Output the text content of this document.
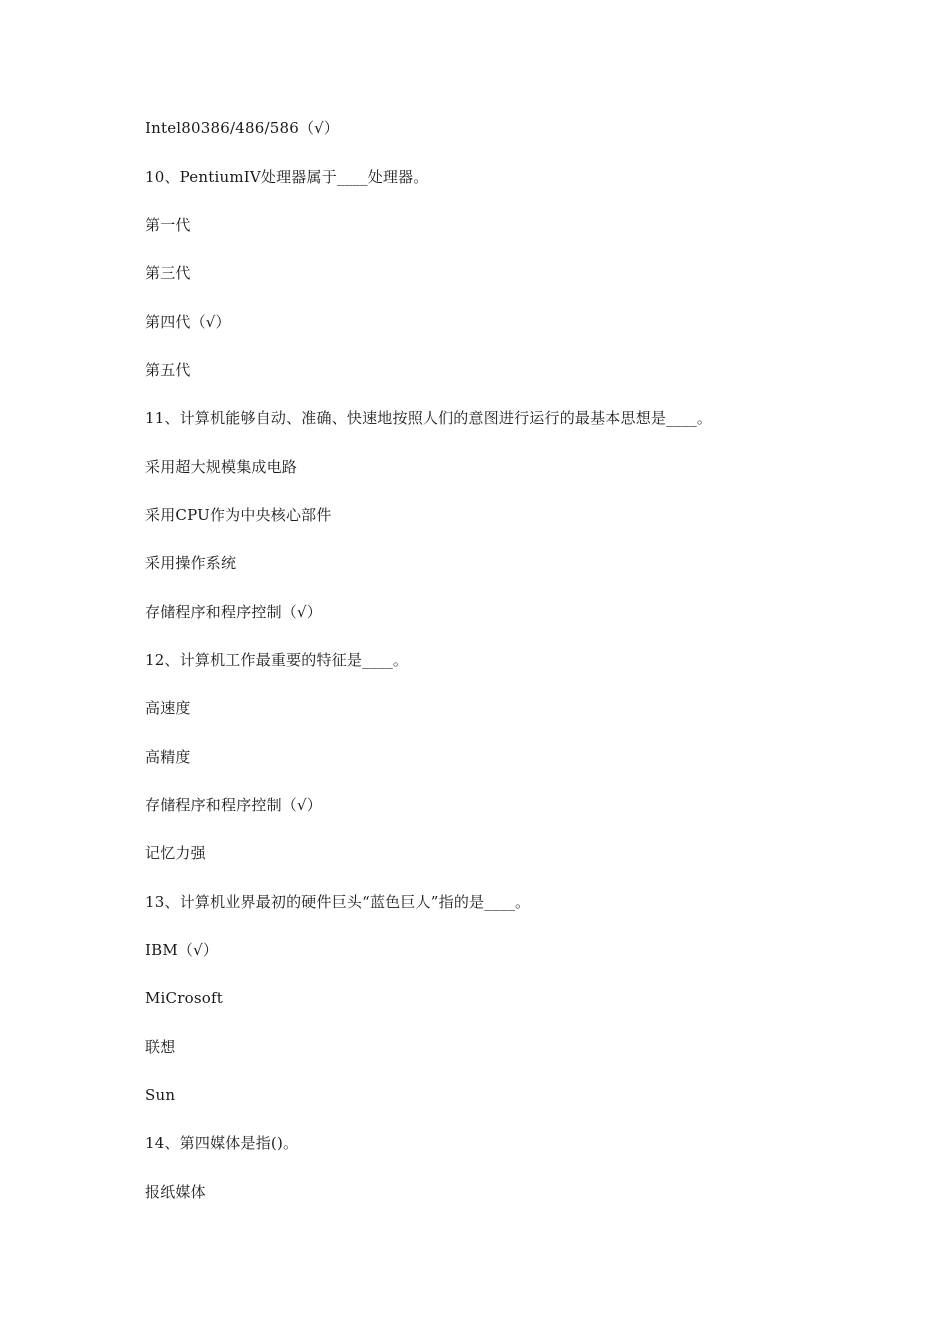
Intel80386/486/586（√）
10、PentiumIV处理器属于____处理器。
第一代
第三代
第四代（√）
第五代
11、计算机能够自动、准确、快速地按照人们的意图进行运行的最基本思想是____。
采用超大规模集成电路
采用CPU作为中央核心部件
采用操作系统
存储程序和程序控制（√）
12、计算机工作最重要的特征是____。
高速度
高精度
存储程序和程序控制（√）
记忆力强
13、计算机业界最初的硬件巨头“蓝色巨人”指的是____。
IBM（√）
MiCrosoft
联想
Sun
14、第四媒体是指()。
报纸媒体
